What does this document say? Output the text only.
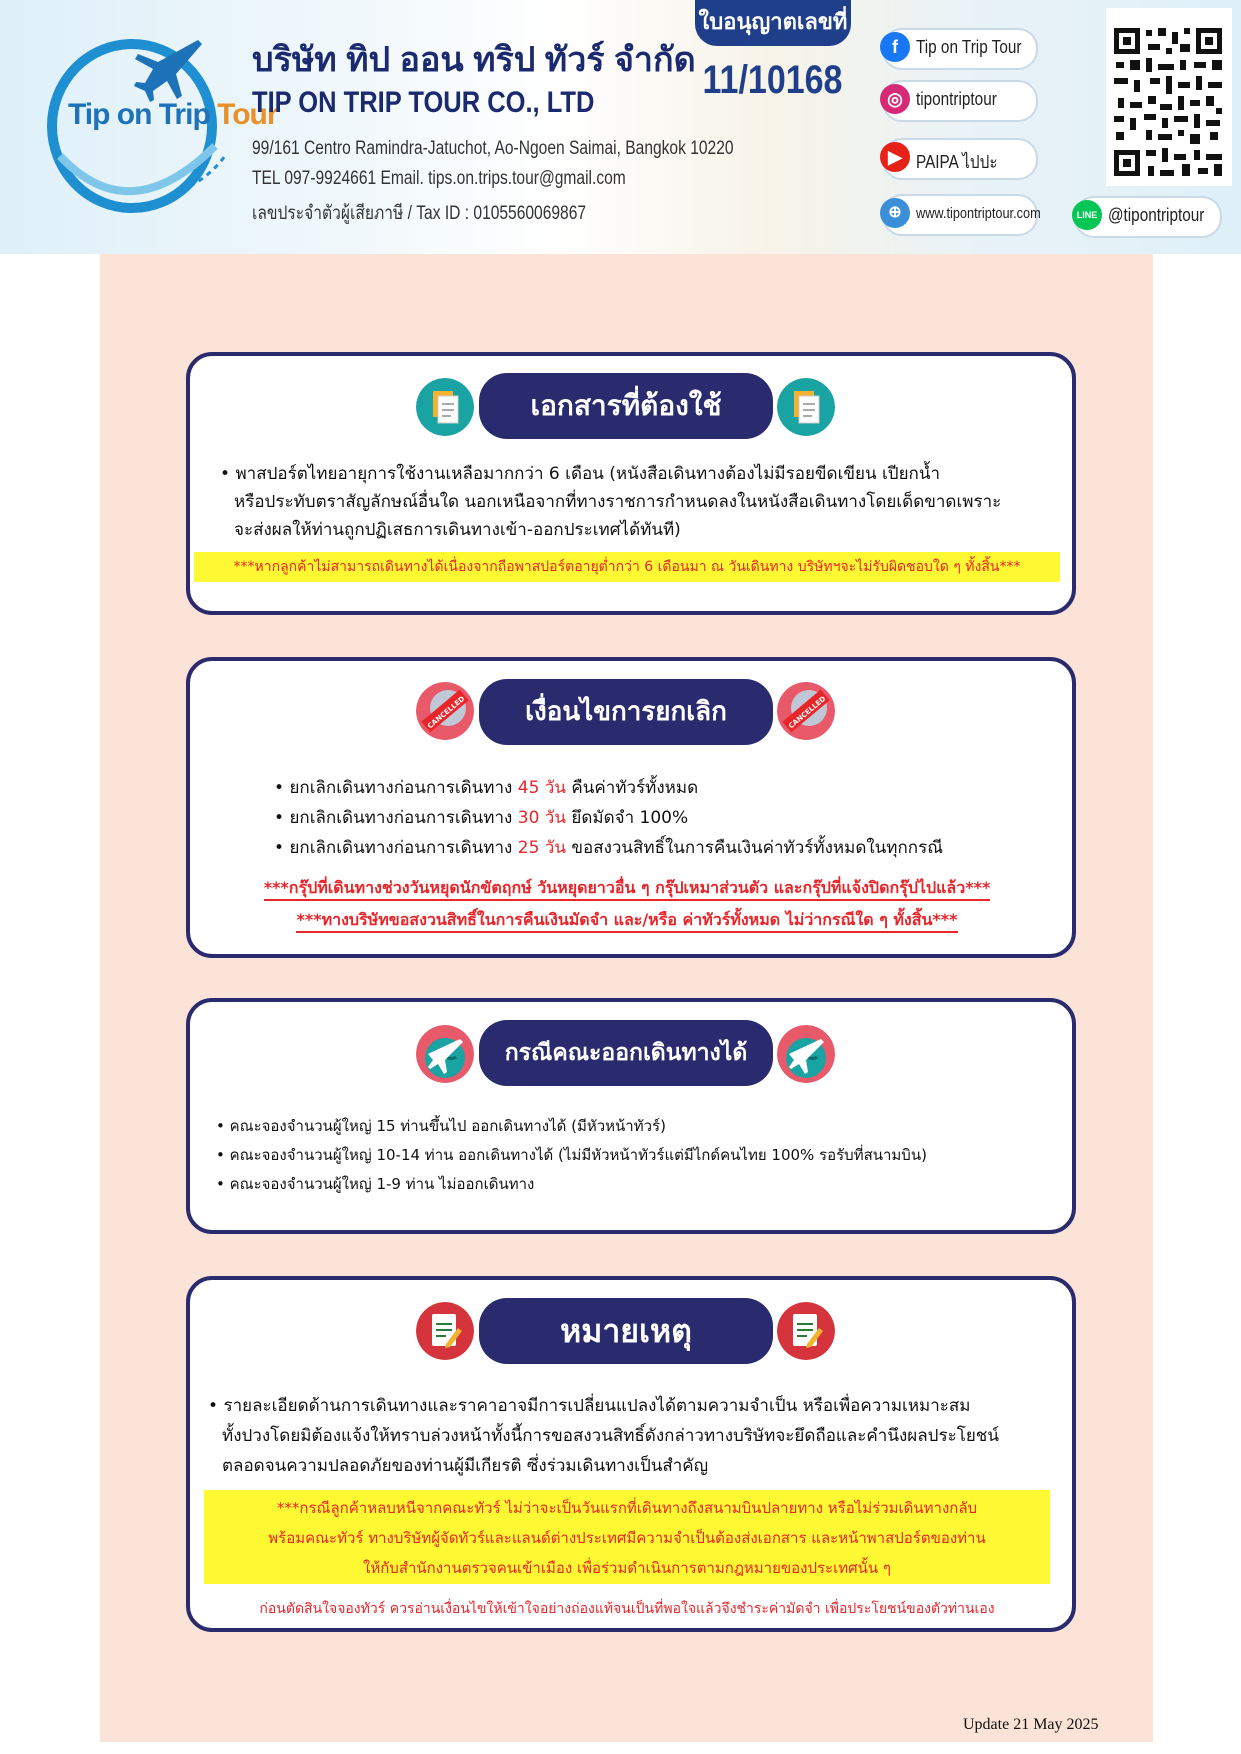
Tip on Trip Tour
บริษัท ทิป ออน ทริป ทัวร์ จำกัด
TIP ON TRIP TOUR CO., LTD
99/161 Centro Ramindra-Jatuchot, Ao-Ngoen Saimai, Bangkok 10220
TEL 097-9924661 Email. tips.on.trips.tour@gmail.com
เลขประจำตัวผู้เสียภาษี / Tax ID : 0105560069867
ใบอนุญาตเลขที่
11/10168
f	Tip on Trip Tour
◎ tipontriptour
▶ PAIPA ไปปะ
⊕ www.tipontriptour.com	LINE @tipontriptour
เอกสารที่ต้องใช้
• พาสปอร์ตไทยอายุการใช้งานเหลือมากกว่า 6 เดือน (หนังสือเดินทางต้องไม่มีรอยขีดเขียน เปียกน้ำ
หรือประทับตราสัญลักษณ์อื่นใด นอกเหนือจากที่ทางราชการกำหนดลงในหนังสือเดินทางโดยเด็ดขาดเพราะ
จะส่งผลให้ท่านถูกปฏิเสธการเดินทางเข้า-ออกประเทศได้ทันที)
***หากลูกค้าไม่สามารถเดินทางได้เนื่องจากถือพาสปอร์ตอายุต่ำกว่า 6 เดือนมา ณ วันเดินทาง บริษัทฯจะไม่รับผิดชอบใด ๆ ทั้งสิ้น***
CANCELLED	เงื่อนไขการยกเลิก	CANCELLED
• ยกเลิกเดินทางก่อนการเดินทาง 45 วัน คืนค่าทัวร์ทั้งหมด
• ยกเลิกเดินทางก่อนการเดินทาง 30 วัน ยึดมัดจำ 100%
• ยกเลิกเดินทางก่อนการเดินทาง 25 วัน ขอสงวนสิทธิ์ในการคืนเงินค่าทัวร์ทั้งหมดในทุกกรณี
***กรุ๊ปที่เดินทางช่วงวันหยุดนักขัตฤกษ์ วันหยุดยาวอื่น ๆ กรุ๊ปเหมาส่วนตัว และกรุ๊ปที่แจ้งปิดกรุ๊ปไปแล้ว***
***ทางบริษัทขอสงวนสิทธิ์ในการคืนเงินมัดจำ และ/หรือ ค่าทัวร์ทั้งหมด ไม่ว่ากรณีใด ๆ ทั้งสิ้น***
กรณีคณะออกเดินทางได้
• คณะจองจำนวนผู้ใหญ่ 15 ท่านขึ้นไป ออกเดินทางได้ (มีหัวหน้าทัวร์)
• คณะจองจำนวนผู้ใหญ่ 10-14 ท่าน ออกเดินทางได้ (ไม่มีหัวหน้าทัวร์แต่มีไกด์คนไทย 100% รอรับที่สนามบิน)
• คณะจองจำนวนผู้ใหญ่ 1-9 ท่าน ไม่ออกเดินทาง
หมายเหตุ
• รายละเอียดด้านการเดินทางและราคาอาจมีการเปลี่ยนแปลงได้ตามความจำเป็น หรือเพื่อความเหมาะสม
ทั้งปวงโดยมิต้องแจ้งให้ทราบล่วงหน้าทั้งนี้การขอสงวนสิทธิ์ดังกล่าวทางบริษัทจะยึดถือและคำนึงผลประโยชน์
ตลอดจนความปลอดภัยของท่านผู้มีเกียรติ ซึ่งร่วมเดินทางเป็นสำคัญ
***กรณีลูกค้าหลบหนีจากคณะทัวร์ ไม่ว่าจะเป็นวันแรกที่เดินทางถึงสนามบินปลายทาง หรือไม่ร่วมเดินทางกลับ
พร้อมคณะทัวร์ ทางบริษัทผู้จัดทัวร์และแลนด์ต่างประเทศมีความจำเป็นต้องส่งเอกสาร และหน้าพาสปอร์ตของท่าน
ให้กับสำนักงานตรวจคนเข้าเมือง เพื่อร่วมดำเนินการตามกฎหมายของประเทศนั้น ๆ
ก่อนตัดสินใจจองทัวร์ ควรอ่านเงื่อนไขให้เข้าใจอย่างถ่องแท้จนเป็นที่พอใจแล้วจึงชำระค่ามัดจำ เพื่อประโยชน์ของตัวท่านเอง
Update 21 May 2025
